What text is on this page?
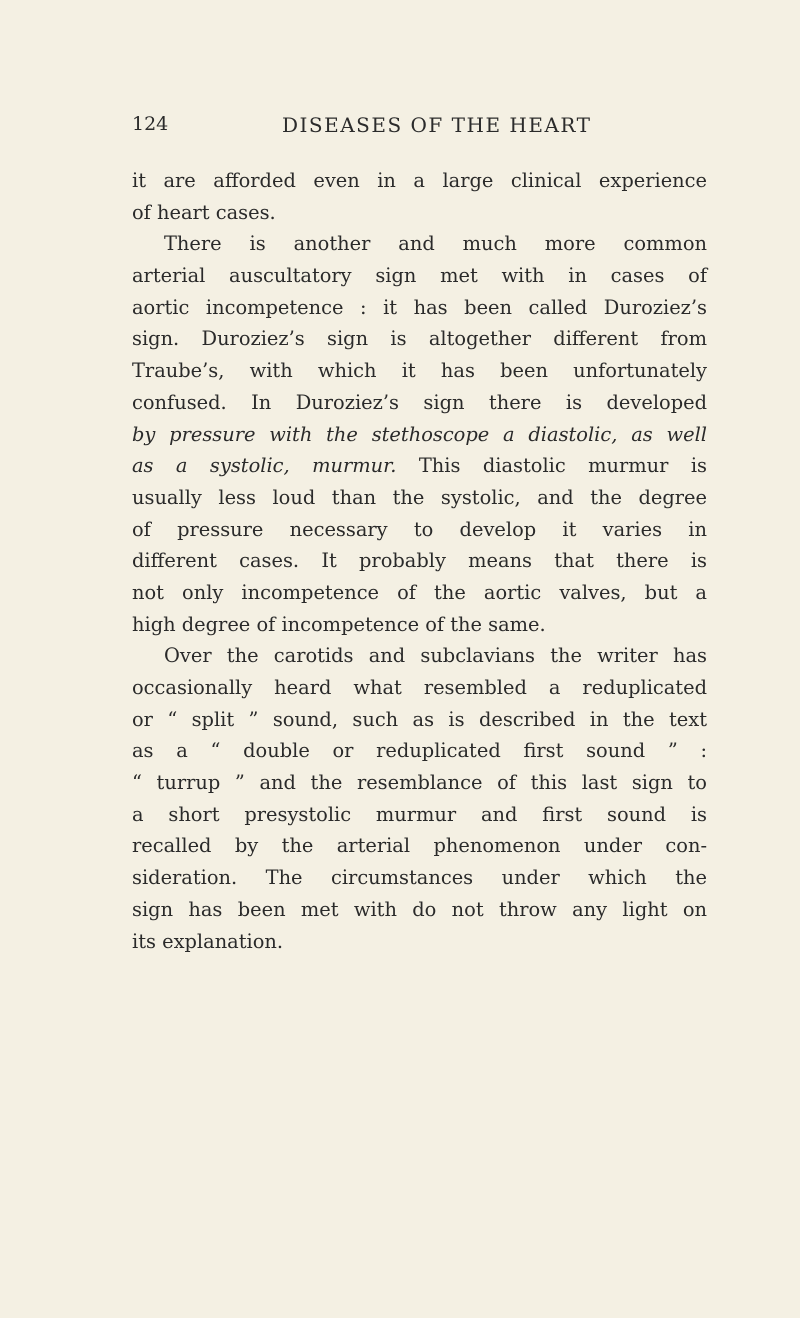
124	DISEASES OF THE HEART
it are afforded even in a large clinical experience
of heart cases.
There is another and much more common
arterial auscultatory sign met with in cases of
aortic incompetence : it has been called Duroziez’s
sign. Duroziez’s sign is altogether different from
Traube’s, with which it has been unfortunately
confused. In Duroziez’s sign there is developed
by pressure with the stethoscope a diastolic, as well
as a systolic, murmur. This diastolic murmur is
usually less loud than the systolic, and the degree
of pressure necessary to develop it varies in
different cases. It probably means that there is
not only incompetence of the aortic valves, but a
high degree of incompetence of the same.
Over the carotids and subclavians the writer has
occasionally heard what resembled a reduplicated
or “ split ” sound, such as is described in the text
as a “ double or reduplicated first sound ” :
“ turrup ” and the resemblance of this last sign to
a short presystolic murmur and first sound is
recalled by the arterial phenomenon under con-
sideration. The circumstances under which the
sign has been met with do not throw any light on
its explanation.
